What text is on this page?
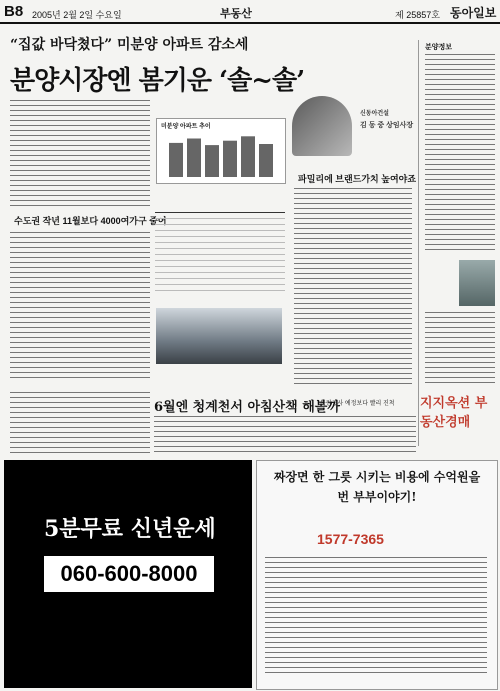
B8 2005년 2월 2일 수요일	부동산	제 25857호 동아일보
“집값 바닥쳤다” 미분양 아파트 감소세
분양시장엔 봄기운 ‘솔~솔’
수도권 작년 11월보다 4000여가구 줄어
미분양 아파트 추이
신동아건설
김 동 중 상임사장
파밀리에 브랜드가치 높여야죠
분양정보
지지옥션 부동산경매
6월엔 청계천서 아침산책 해볼까
복원공사 예정보다 빨리 진척
5분무료 신년운세
060-600-8000
짜장면 한 그릇 시키는 비용에 수억원을 번 부부이야기!
1577-7365
